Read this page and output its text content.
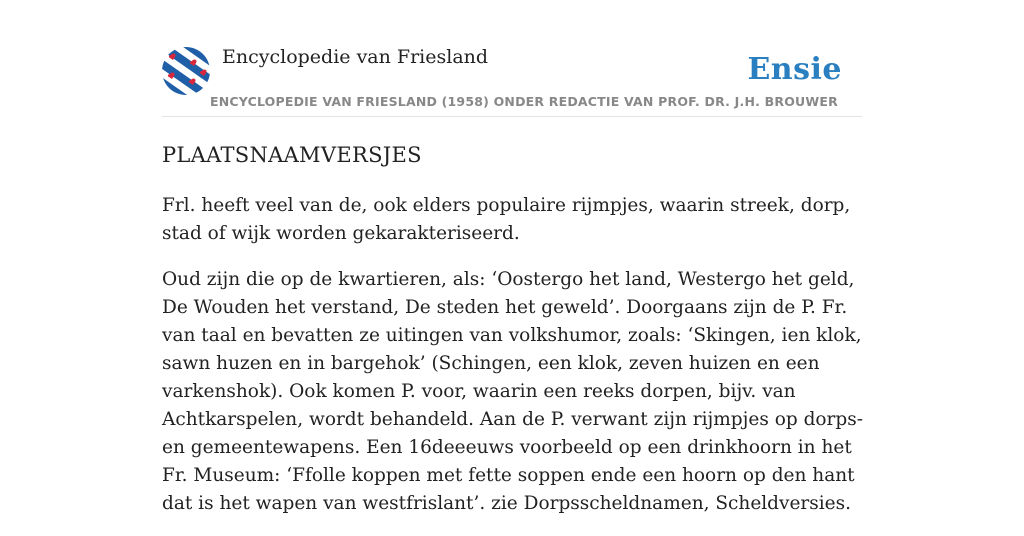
Encyclopedie van Friesland	Ensie
ENCYCLOPEDIE VAN FRIESLAND (1958) ONDER REDACTIE VAN PROF. DR. J.H. BROUWER
PLAATSNAAMVERSJES

Frl. heeft veel van de, ook elders populaire rijmpjes, waarin streek, dorp, stad of wijk worden gekarakteriseerd.

Oud zijn die op de kwartieren, als: ‘Oostergo het land, Westergo het geld, De Wouden het verstand, De steden het geweld’. Doorgaans zijn de P. Fr. van taal en bevatten ze uitingen van volkshumor, zoals: ‘Skingen, ien klok, sawn huzen en in bargehok’ (Schingen, een klok, zeven huizen en een varkenshok). Ook komen P. voor, waarin een reeks dorpen, bijv. van Achtkarspelen, wordt behandeld. Aan de P. verwant zijn rijmpjes op dorps- en gemeentewapens. Een 16deeeuws voorbeeld op een drinkhoorn in het Fr. Museum: ‘Ffolle koppen met fette soppen ende een hoorn op den hant dat is het wapen van westfrislant’. zie Dorpsscheldnamen, Scheldversies.
